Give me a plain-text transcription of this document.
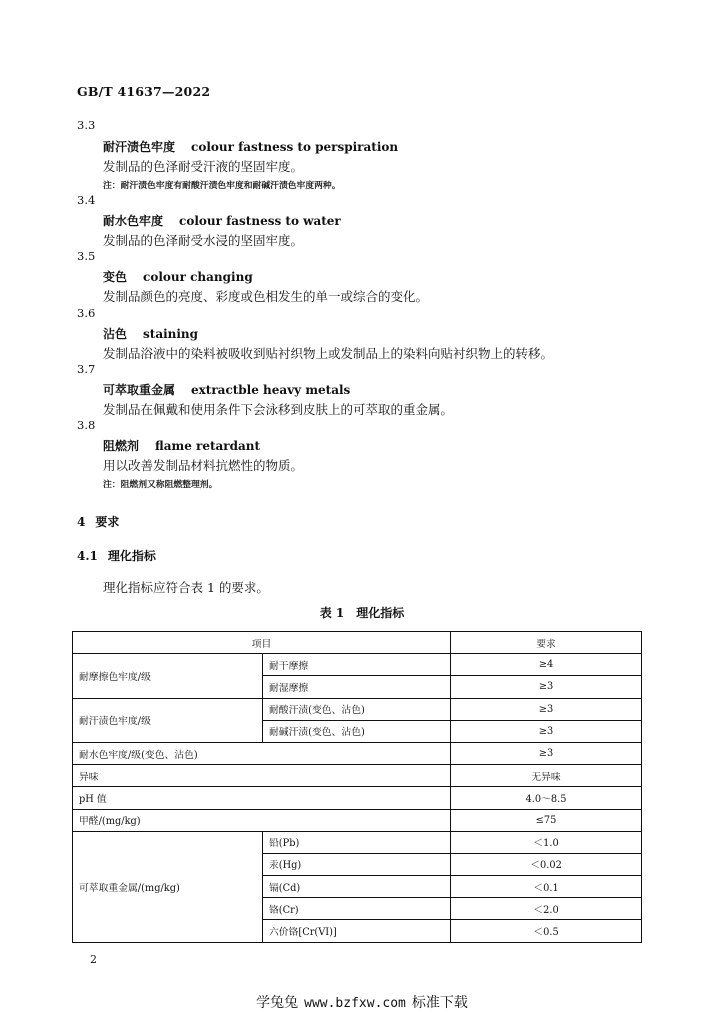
GB/T 41637—2022
3.3
耐汗渍色牢度 colour fastness to perspiration
发制品的色泽耐受汗液的坚固牢度。
注：耐汗渍色牢度有耐酸汗渍色牢度和耐碱汗渍色牢度两种。
3.4
耐水色牢度 colour fastness to water
发制品的色泽耐受水浸的坚固牢度。
3.5
变色 colour changing
发制品颜色的亮度、彩度或色相发生的单一或综合的变化。
3.6
沾色 staining
发制品浴液中的染料被吸收到贴衬织物上或发制品上的染料向贴衬织物上的转移。
3.7
可萃取重金属 extractble heavy metals
发制品在佩戴和使用条件下会泳移到皮肤上的可萃取的重金属。
3.8
阻燃剂 flame retardant
用以改善发制品材料抗燃性的物质。
注：阻燃剂又称阻燃整理剂。
4 要求
4.1 理化指标
理化指标应符合表 1 的要求。
表 1 理化指标
项目		要求
耐摩擦色牢度/级	耐干摩擦	≥4
	耐湿摩擦	≥3
耐汗渍色牢度/级	耐酸汗渍(变色、沾色)	≥3
	耐碱汗渍(变色、沾色)	≥3
耐水色牢度/级(变色、沾色)		≥3
异味		无异味
pH 值		4.0～8.5
甲醛/(mg/kg)		≤75
可萃取重金属/(mg/kg)	铅(Pb)	＜1.0
	汞(Hg)	＜0.02
	镉(Cd)	＜0.1
	铬(Cr)	＜2.0
	六价铬[Cr(VI)]	＜0.5
2
学兔兔 www.bzfxw.com 标准下载
